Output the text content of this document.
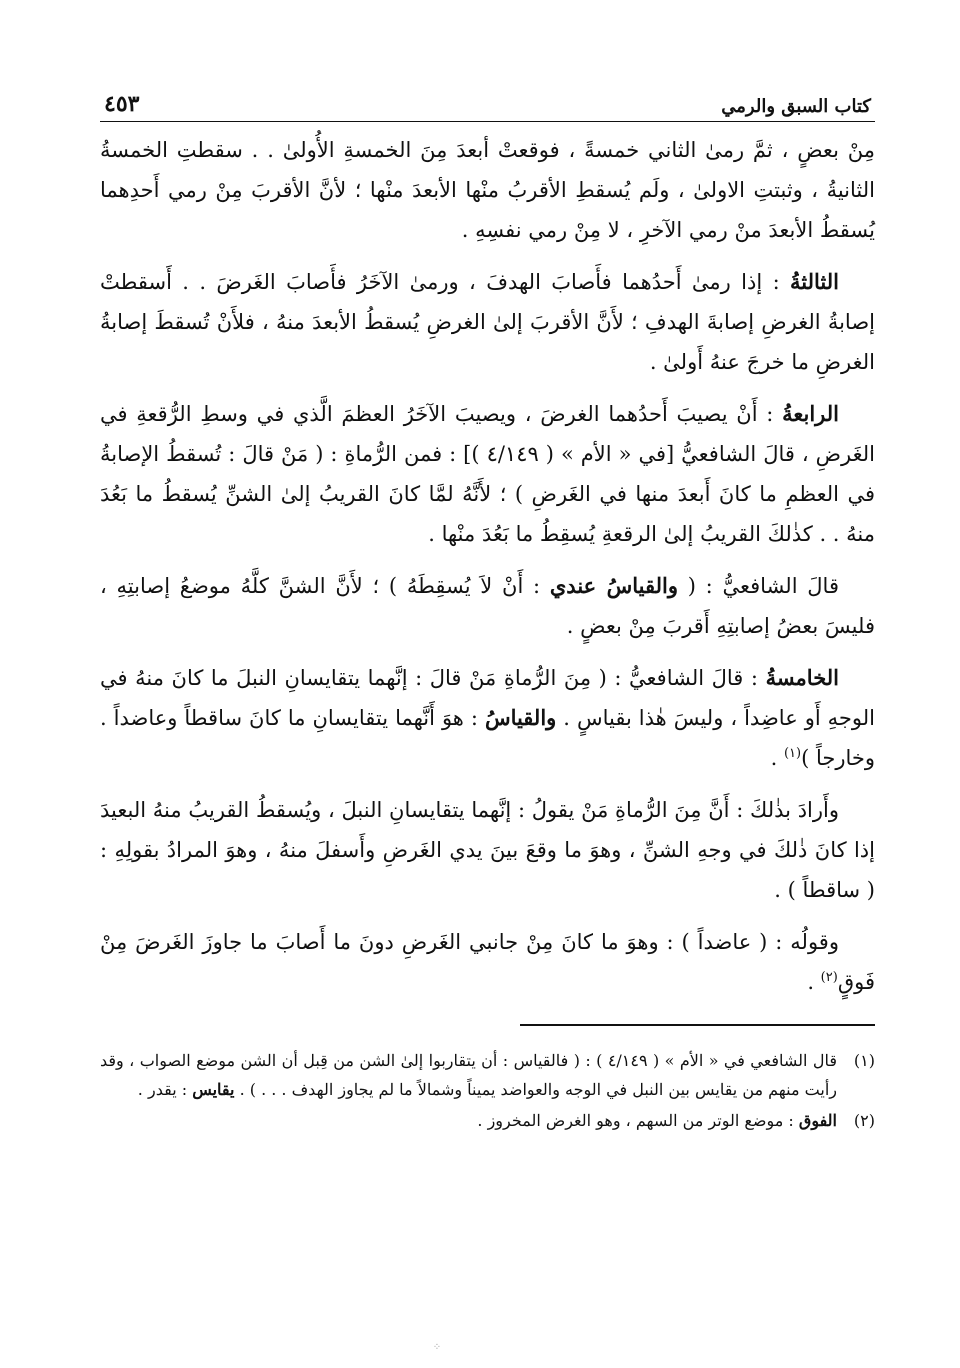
كتاب السبق والرمي
٤٥٣

مِنْ بعضٍ ، ثمَّ رمىٰ الثاني خمسةً ، فوقعتْ أبعدَ مِنَ الخمسةِ الأُولىٰ . . سقطتِ الخمسةُ الثانيةُ ، وثبتتِ الاولىٰ ، ولَم يُسقطِ الأقربُ منْها الأبعدَ منْها ؛ لأنَّ الأقربَ مِنْ رمي أَحدِهما يُسقطُ الأبعدَ منْ رمي الآخرِ ، لا مِنْ رمي نفسِهِ .

الثالثةُ : إذا رمىٰ أَحدُهما فأَصابَ الهدفَ ، ورمىٰ الآخَرُ فأَصابَ الغَرضَ . . أَسقطتْ إصابةُ الغرضِ إصابةَ الهدفِ ؛ لأَنَّ الأقربَ إلىٰ الغرضِ يُسقطُ الأبعدَ منهُ ، فلأَنْ تُسقطَ إصابةُ الغرضِ ما خرجَ عنهُ أَولىٰ .

الرابعةُ : أَنْ يصيبَ أَحدُهما الغرضَ ، ويصيبَ الآخَرُ العظمَ الَّذي في وسطِ الرُّقعةِ في الغَرضِ ، قالَ الشافعيُّ [في « الأم » ( ٤/١٤٩ )] : فمن الرُّماةِ : ( مَنْ قالَ : تُسقطُ الإصابةُ في العظمِ ما كانَ أَبعدَ منها في الغَرضِ ) ؛ لأَنَّهُ لمَّا كانَ القريبُ إلىٰ الشنِّ يُسقطُ ما بَعُدَ منهُ . . كذٰلكَ القريبُ إلىٰ الرقعةِ يُسقِطُ ما بَعُدَ منْها .

قالَ الشافعيُّ : ( والقياسُ عندي : أَنْ لاَ يُسقِطَهُ ) ؛ لأَنَّ الشنَّ كلَّهُ موضعُ إصابتِهِ ، فليسَ بعضُ إصابتِهِ أَقربَ مِنْ بعضٍ .

الخامسةُ : قالَ الشافعيُّ : ( مِنَ الرُّماةِ مَنْ قالَ : إنَّهما يتقايسانِ النبلَ ما كانَ منهُ في الوجهِ أَو عاضِداً ، وليسَ هٰذا بقياسٍ . والقياسُ : هوَ أَنَّهما يتقايسانِ ما كانَ ساقطاً وعاضداً . وخارجاً )$^{(١)}$ .

وأَرادَ بذٰلكَ : أَنَّ مِنَ الرُّماةِ مَنْ يقولُ : إنَّهما يتقايسانِ النبلَ ، ويُسقطُ القريبُ منهُ البعيدَ إذا كانَ ذٰلكَ في وجهِ الشنِّ ، وهوَ ما وقعَ بينَ يدي الغَرضِ وأَسفلَ منهُ ، وهوَ المرادُ بقولِهِ : ( ساقطاً ) .

وقولُه : ( عاضداً ) : وهوَ ما كانَ مِنْ جانبي الغَرضِ دونَ ما أَصابَ ما جاوزَ الغَرضَ مِنْ فَوقٍ$^{(٢)}$ .

(١)
قال الشافعي في « الأم » ( ٤/١٤٩ ) : ( فالقياس : أن يتقاربوا إلىٰ الشن من قِبل أن الشن موضع الصواب ، وقد رأيت منهم من يقايس بين النبل في الوجه والعواضد يميناً وشمالاً ما لم يجاوز الهدف . . . ) . يقايس : يقدر .
(٢)
الفوق : موضع الوتر من السهم ، وهو الغرض المخروز .
⁘
